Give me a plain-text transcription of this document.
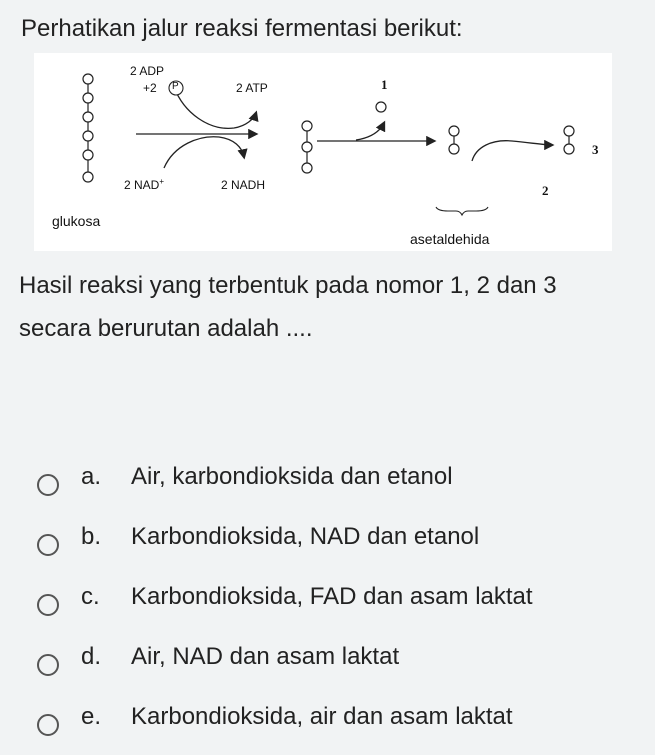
Perhatikan jalur reaksi fermentasi berikut:

2 ADP
+2 P	2 ATP
2 NAD+	2 NADH
1
2
3
glukosa
asetaldehida

Hasil reaksi yang terbentuk pada nomor 1, 2 dan 3 secara berurutan adalah ....

a. Air, karbondioksida dan etanol
b. Karbondioksida, NAD dan etanol
c. Karbondioksida, FAD dan asam laktat
d. Air, NAD dan asam laktat
e. Karbondioksida, air dan asam laktat
